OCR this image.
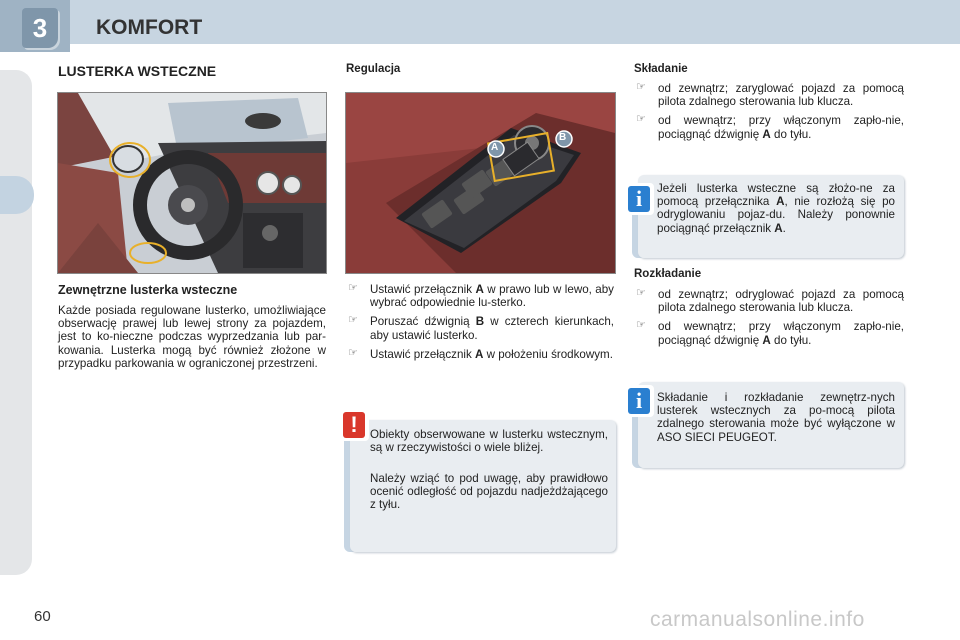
3	KOMFORT
LUSTERKA WSTECZNE
Zewnętrzne lusterka wsteczne
Każde posiada regulowane lusterko, umożliwiające obserwację prawej lub lewej strony za pojazdem, jest to ko-nieczne podczas wyprzedzania lub par-kowania. Lusterka mogą być również złożone w przypadku parkowania w ograniczonej przestrzeni.
Regulacja
A
B
☞ Ustawić przełącznik A w prawo lub w lewo, aby wybrać odpowiednie lu-sterko.
☞ Poruszać dźwignią B w czterech kierunkach, aby ustawić lusterko.
☞ Ustawić przełącznik A w położeniu środkowym.
!	Obiekty obserwowane w lusterku wstecznym, są w rzeczywistości o wiele bliżej.
Należy wziąć to pod uwagę, aby prawidłowo ocenić odległość od pojazdu nadjeżdżającego z tyłu.
Składanie
☞ od zewnątrz; zaryglować pojazd za pomocą pilota zdalnego sterowania lub klucza.
☞ od wewnątrz; przy włączonym zapło-nie, pociągnąć dźwignię A do tyłu.
i	Jeżeli lusterka wsteczne są złożo-ne za pomocą przełącznika A, nie rozłożą się po odryglowaniu pojaz-du. Należy ponownie pociągnąć przełącznik A.
Rozkładanie
☞ od zewnątrz; odryglować pojazd za pomocą pilota zdalnego sterowania lub klucza.
☞ od wewnątrz; przy włączonym zapło-nie, pociągnąć dźwignię A do tyłu.
i	Składanie i rozkładanie zewnętrz-nych lusterek wstecznych za po-mocą pilota zdalnego sterowania może być wyłączone w ASO SIECI PEUGEOT.
60	carmanualsonline.info
